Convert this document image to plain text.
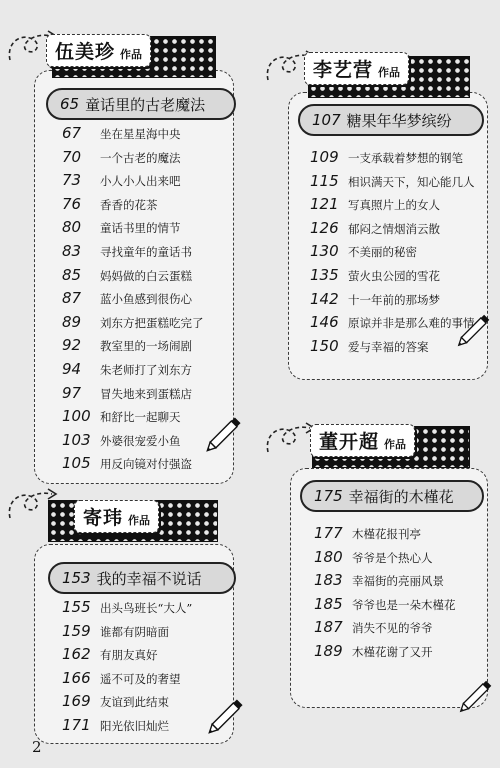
伍美珍 作品
65 童话里的古老魔法
67	坐在星星海中央
70	一个古老的魔法
73	小人小人出来吧
76	香香的花茶
80	童话书里的情节
83	寻找童年的童话书
85	妈妈做的白云蛋糕
87	蓝小鱼感到很伤心
89	刘东方把蛋糕吃完了
92	教室里的一场闹剧
94	朱老师打了刘东方
97	冒失地来到蛋糕店
100 和舒比一起聊天
103 外婆很宠爱小鱼
105 用反向镜对付强盗
李艺营 作品
107 糖果年华梦缤纷
109 一支承载着梦想的钢笔
115 相识满天下，知心能几人
121 写真照片上的女人
126 郁闷之情烟消云散
130 不美丽的秘密
135 萤火虫公园的雪花
142 十一年前的那场梦
146 原谅并非是那么难的事情
150 爱与幸福的答案
董开超 作品
175 幸福街的木槿花
177 木槿花报刊亭
180 爷爷是个热心人
183 幸福街的亮丽风景
185 爷爷也是一朵木槿花
187 消失不见的爷爷
189 木槿花谢了又开
寄玮 作品
153 我的幸福不说话
155 出头鸟班长“大人”
159 谁都有阴暗面
162 有朋友真好
166 遥不可及的奢望
169 友谊到此结束
171 阳光依旧灿烂
2
